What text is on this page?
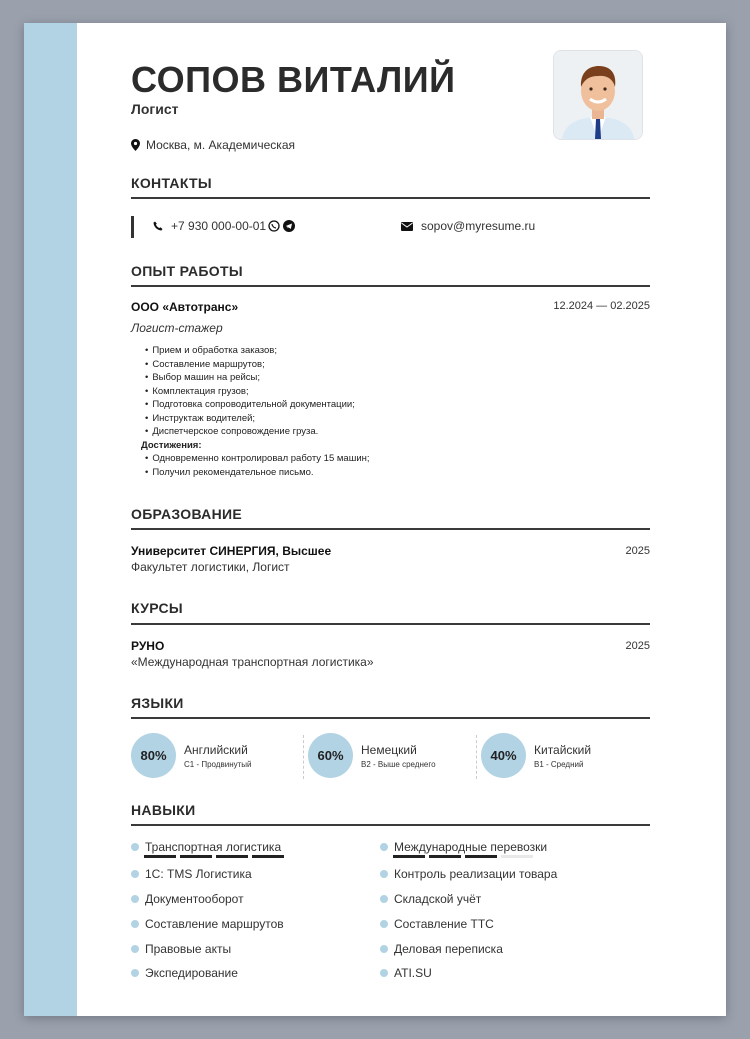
СОПОВ ВИТАЛИЙ
Логист
Москва, м. Академическая
КОНТАКТЫ
+7 930 000-00-01	sopov@myresume.ru
ОПЫТ РАБОТЫ
ООО «Автотранс»	12.2024 — 02.2025
Логист-стажер
• Прием и обработка заказов;
• Составление маршрутов;
• Выбор машин на рейсы;
• Комплектация грузов;
• Подготовка сопроводительной документации;
• Инструктаж водителей;
• Диспетчерское сопровождение груза.
Достижения:
• Одновременно контролировал работу 15 машин;
• Получил рекомендательное письмо.
ОБРАЗОВАНИЕ
Университет СИНЕРГИЯ, Высшее	2025
Факультет логистики, Логист
КУРСЫ
РУНО	2025
«Международная транспортная логистика»
ЯЗЫКИ
80%	Английский
C1 - Продвинутый
60%	Немецкий
B2 - Выше среднего
40%	Китайский
B1 - Средний
НАВЫКИ
Транспортная логистика
1С: TMS Логистика
Документооборот
Составление маршрутов
Правовые акты
Экспедирование
Международные перевозки
Контроль реализации товара
Складской учёт
Составление ТТС
Деловая переписка
ATI.SU
